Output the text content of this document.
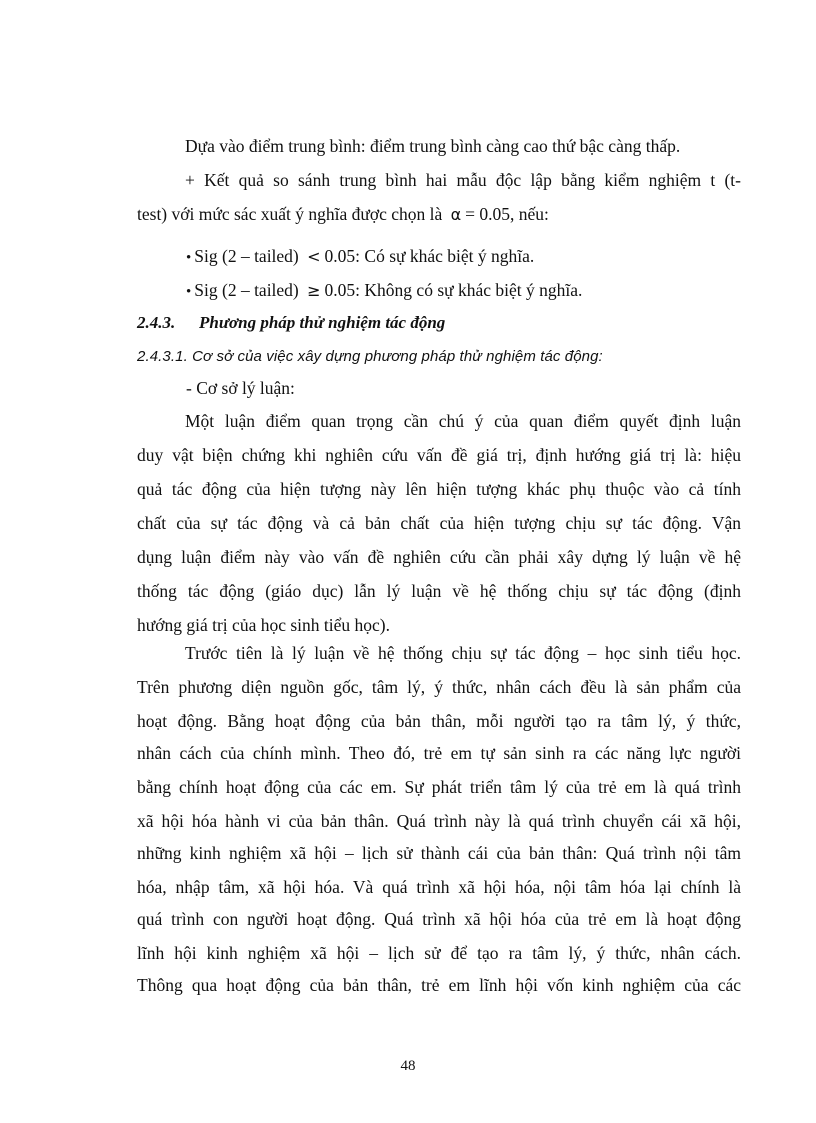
Dựa vào điểm trung bình: điểm trung bình càng cao thứ bậc càng thấp.
+ Kết quả so sánh trung bình hai mẫu độc lập bằng kiểm nghiệm t (t-
test) với mức sác xuất ý nghĩa được chọn là α = 0.05, nếu:
• Sig (2 – tailed) < 0.05: Có sự khác biệt ý nghĩa.
• Sig (2 – tailed) ≥ 0.05: Không có sự khác biệt ý nghĩa.
2.4.3. Phương pháp thử nghiệm tác động
2.4.3.1. Cơ sở của việc xây dựng phương pháp thử nghiệm tác động:
- Cơ sở lý luận:
Một luận điểm quan trọng cần chú ý của quan điểm quyết định luận
duy vật biện chứng khi nghiên cứu vấn đề giá trị, định hướng giá trị là: hiệu
quả tác động của hiện tượng này lên hiện tượng khác phụ thuộc vào cả tính
chất của sự tác động và cả bản chất của hiện tượng chịu sự tác động. Vận
dụng luận điểm này vào vấn đề nghiên cứu cần phải xây dựng lý luận về hệ
thống tác động (giáo dục) lẫn lý luận về hệ thống chịu sự tác động (định
hướng giá trị của học sinh tiểu học).
Trước tiên là lý luận về hệ thống chịu sự tác động – học sinh tiểu học.
Trên phương diện nguồn gốc, tâm lý, ý thức, nhân cách đều là sản phẩm của
hoạt động. Bằng hoạt động của bản thân, mỗi người tạo ra tâm lý, ý thức,
nhân cách của chính mình. Theo đó, trẻ em tự sản sinh ra các năng lực người
bằng chính hoạt động của các em. Sự phát triển tâm lý của trẻ em là quá trình
xã hội hóa hành vi của bản thân. Quá trình này là quá trình chuyển cái xã hội,
những kinh nghiệm xã hội – lịch sử thành cái của bản thân: Quá trình nội tâm
hóa, nhập tâm, xã hội hóa. Và quá trình xã hội hóa, nội tâm hóa lại chính là
quá trình con người hoạt động. Quá trình xã hội hóa của trẻ em là hoạt động
lĩnh hội kinh nghiệm xã hội – lịch sử để tạo ra tâm lý, ý thức, nhân cách.
Thông qua hoạt động của bản thân, trẻ em lĩnh hội vốn kinh nghiệm của các
48
